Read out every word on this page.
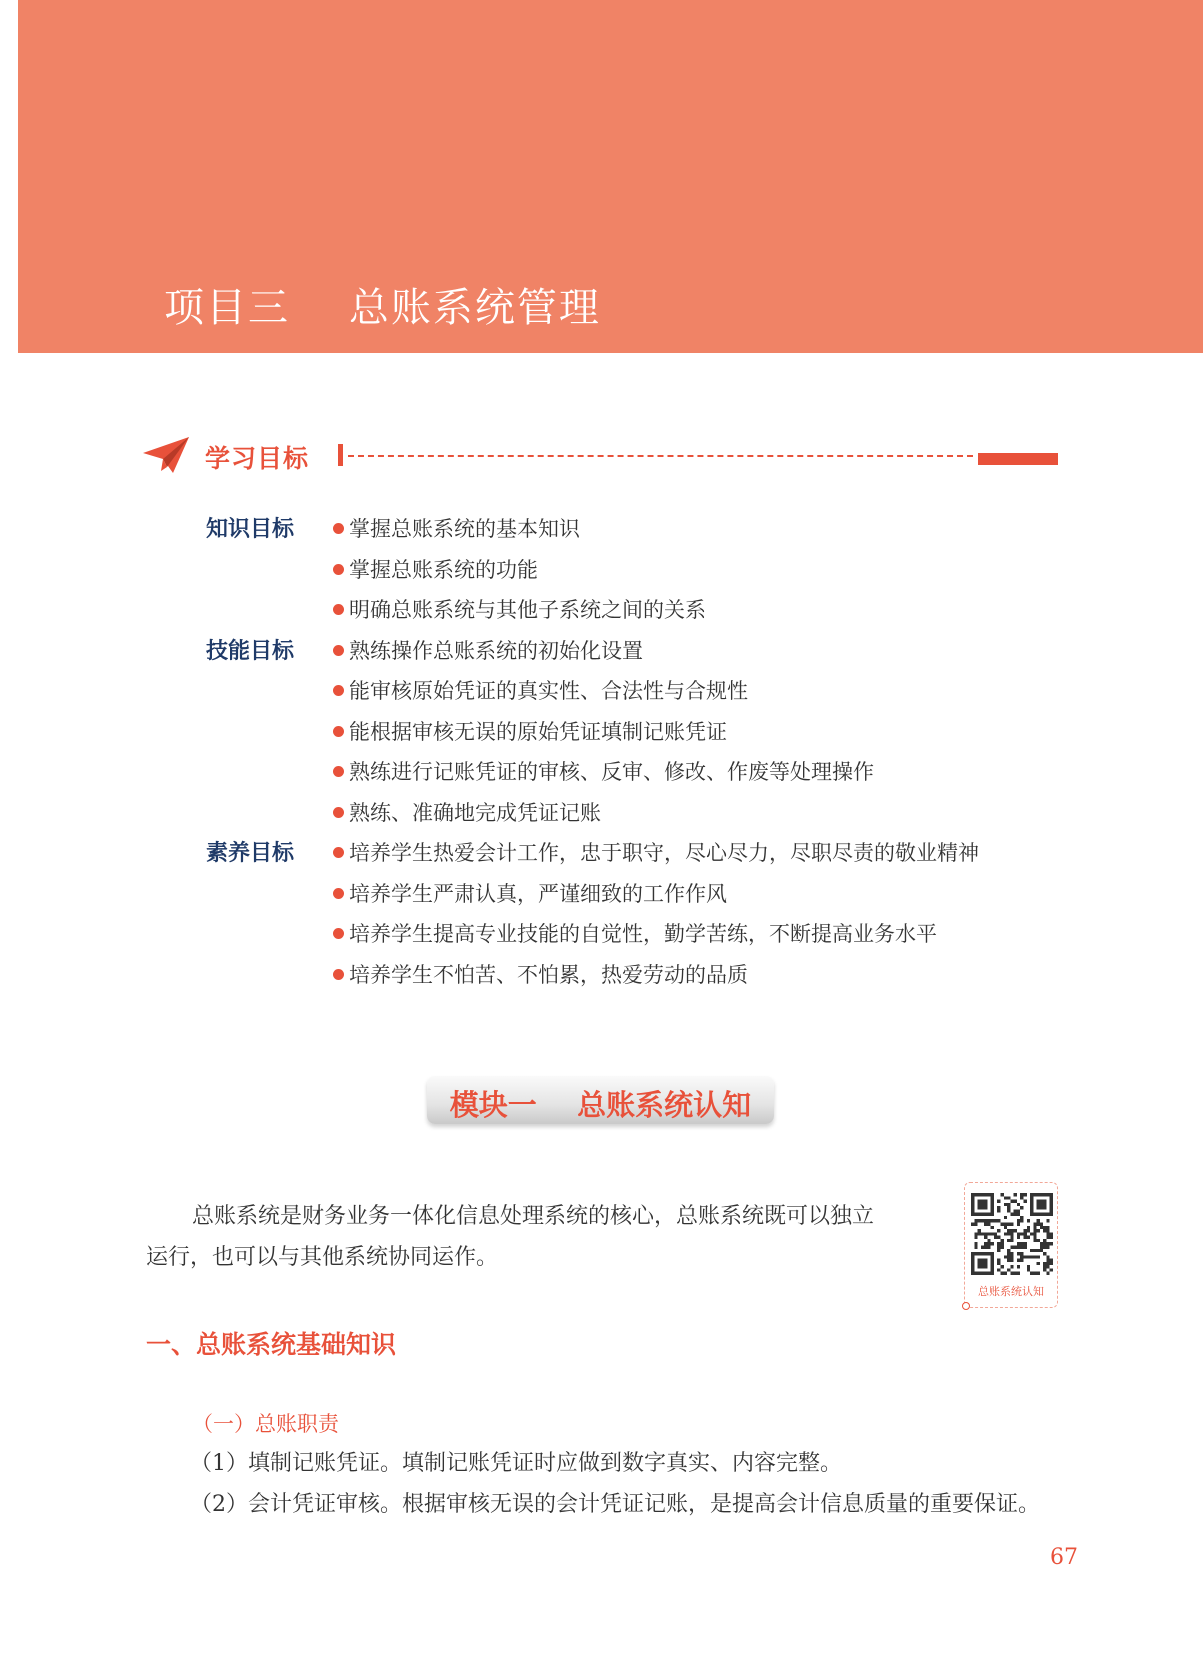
项目三    总账系统管理
学习目标
知识目标	掌握总账系统的基本知识
掌握总账系统的功能
明确总账系统与其他子系统之间的关系
技能目标	熟练操作总账系统的初始化设置
能审核原始凭证的真实性、合法性与合规性
能根据审核无误的原始凭证填制记账凭证
熟练进行记账凭证的审核、反审、修改、作废等处理操作
熟练、准确地完成凭证记账
素养目标	培养学生热爱会计工作，忠于职守，尽心尽力，尽职尽责的敬业精神
培养学生严肃认真，严谨细致的工作作风
培养学生提高专业技能的自觉性，勤学苦练，不断提高业务水平
培养学生不怕苦、不怕累，热爱劳动的品质
模块一    总账系统认知
总账系统是财务业务一体化信息处理系统的核心，总账系统既可以独立
运行，也可以与其他系统协同运作。
总账系统认知
一、总账系统基础知识
（一）总账职责
（1）填制记账凭证。填制记账凭证时应做到数字真实、内容完整。
（2）会计凭证审核。根据审核无误的会计凭证记账，是提高会计信息质量的重要保证。
67
